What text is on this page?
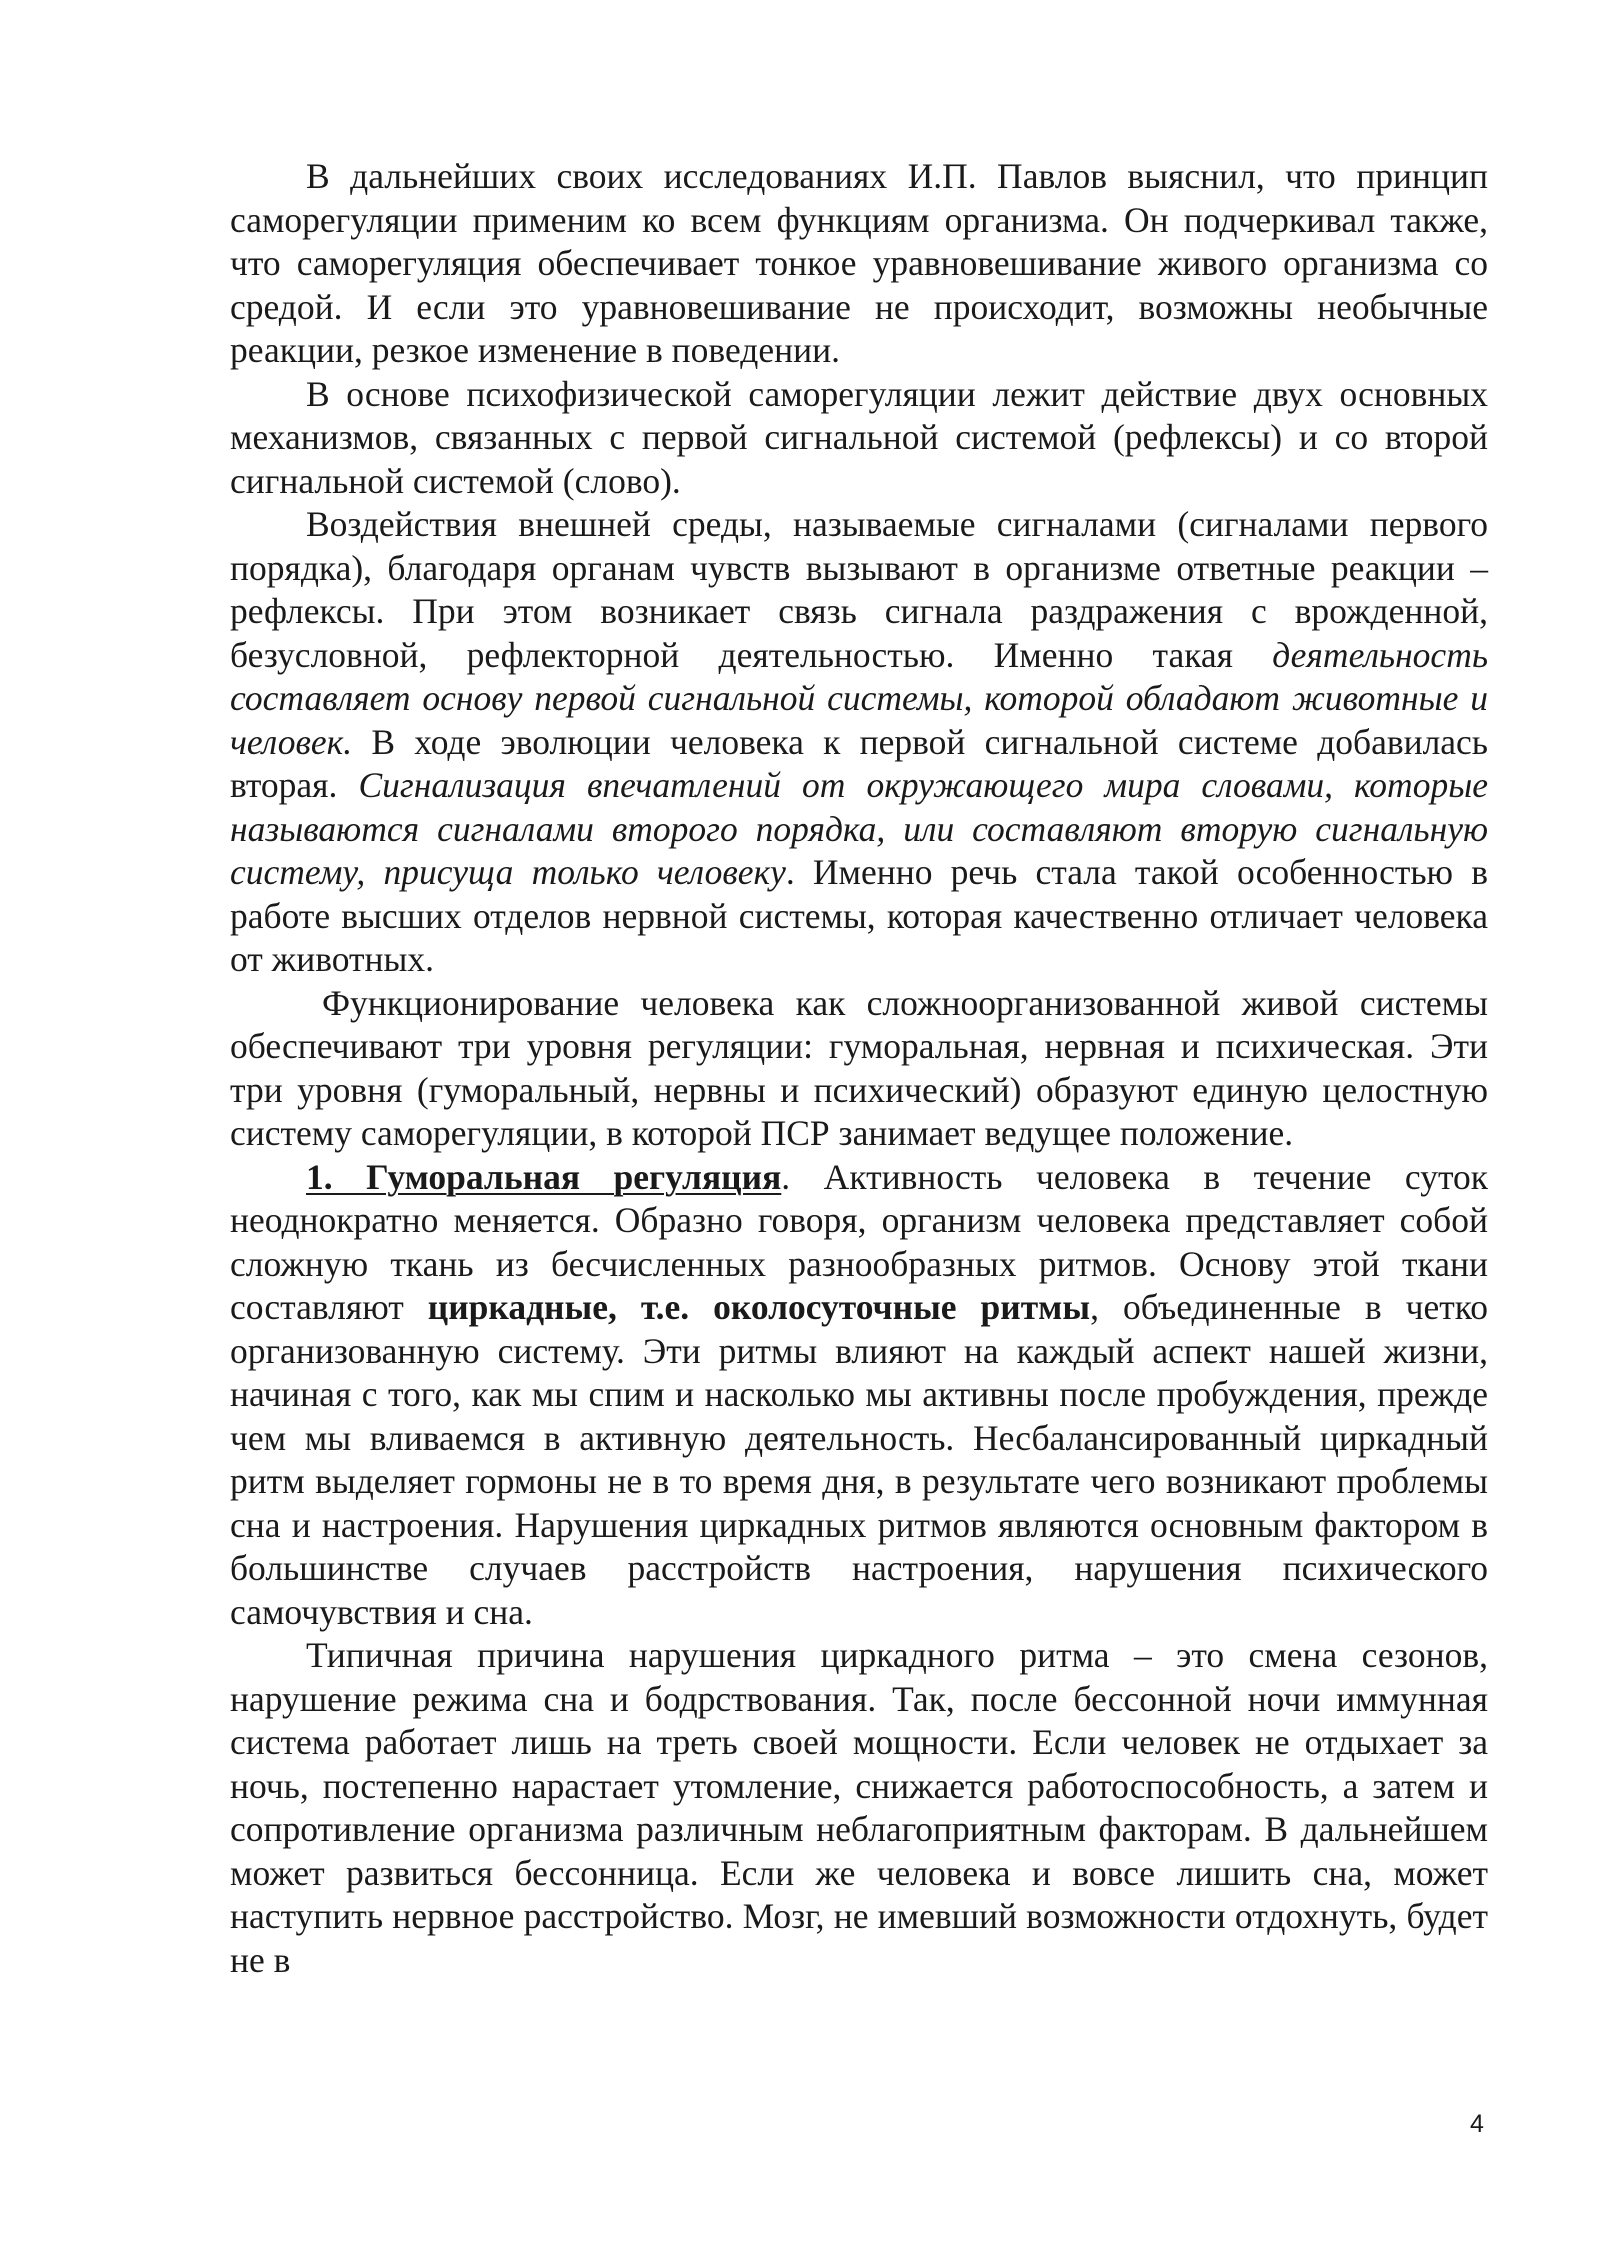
В дальнейших своих исследованиях И.П. Павлов выяснил, что принцип саморегуляции применим ко всем функциям организма. Он подчеркивал также, что саморегуляция обеспечивает тонкое уравновешивание живого организма со средой. И если это уравновешивание не происходит, возможны необычные реакции, резкое изменение в поведении.

В основе психофизической саморегуляции лежит действие двух основных механизмов, связанных с первой сигнальной системой (рефлексы) и со второй сигнальной системой (слово).

Воздействия внешней среды, называемые сигналами (сигналами первого порядка), благодаря органам чувств вызывают в организме ответные реакции – рефлексы. При этом возникает связь сигнала раздражения с врожденной, безусловной, рефлекторной деятельностью. Именно такая деятельность составляет основу первой сигнальной системы, которой обладают животные и человек. В ходе эволюции человека к первой сигнальной системе добавилась вторая. Сигнализация впечатлений от окружающего мира словами, которые называются сигналами второго порядка, или составляют вторую сигнальную систему, присуща только человеку. Именно речь стала такой особенностью в работе высших отделов нервной системы, которая качественно отличает человека от животных.

Функционирование человека как сложноорганизованной живой системы обеспечивают три уровня регуляции: гуморальная, нервная и психическая. Эти три уровня (гуморальный, нервны и психический) образуют единую целостную систему саморегуляции, в которой ПСР занимает ведущее положение.

1. Гуморальная регуляция. Активность человека в течение суток неоднократно меняется. Образно говоря, организм человека представляет собой сложную ткань из бесчисленных разнообразных ритмов. Основу этой ткани составляют циркадные, т.е. околосуточные ритмы, объединенные в четко организованную систему. Эти ритмы влияют на каждый аспект нашей жизни, начиная с того, как мы спим и насколько мы активны после пробуждения, прежде чем мы вливаемся в активную деятельность. Несбалансированный циркадный ритм выделяет гормоны не в то время дня, в результате чего возникают проблемы сна и настроения. Нарушения циркадных ритмов являются основным фактором в большинстве случаев расстройств настроения, нарушения психического самочувствия и сна.

Типичная причина нарушения циркадного ритма – это смена сезонов, нарушение режима сна и бодрствования. Так, после бессонной ночи иммунная система работает лишь на треть своей мощности. Если человек не отдыхает за ночь, постепенно нарастает утомление, снижается работоспособность, а затем и сопротивление организма различным неблагоприятным факторам. В дальнейшем может развиться бессонница. Если же человека и вовсе лишить сна, может наступить нервное расстройство. Мозг, не имевший возможности отдохнуть, будет не в

4
